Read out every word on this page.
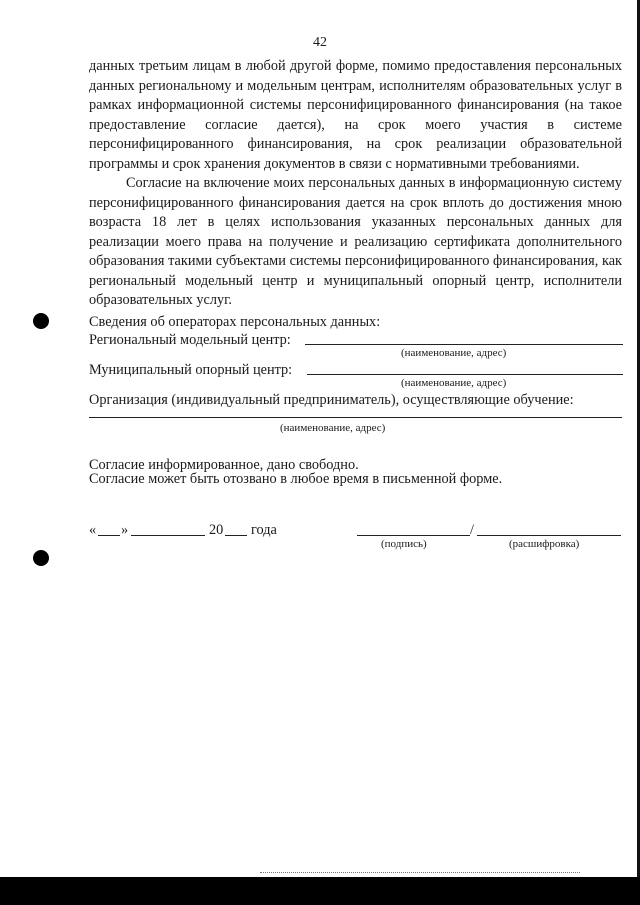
42

данных третьим лицам в любой другой форме, помимо предоставления персональных данных региональному и модельным центрам, исполнителям образовательных услуг в рамках информационной системы персонифицированного финансирования (на такое предоставление согласие дается), на срок моего участия в системе персонифицированного финансирования, на срок реализации образовательной программы и срок хранения документов в связи с нормативными требованиями.

Согласие на включение моих персональных данных в информационную систему персонифицированного финансирования дается на срок вплоть до достижения мною возраста 18 лет в целях использования указанных персональных данных для реализации моего права на получение и реализацию сертификата дополнительного образования такими субъектами системы персонифицированного финансирования, как региональный модельный центр и муниципальный опорный центр, исполнители образовательных услуг.

Сведения об операторах персональных данных:
Региональный модельный центр:
(наименование, адрес)
Муниципальный опорный центр:
(наименование, адрес)
Организация (индивидуальный предприниматель), осуществляющие обучение:
(наименование, адрес)
Согласие информированное, дано свободно.
Согласие может быть отозвано в любое время в письменной форме.
« »	20 года	/
(подпись)	(расшифровка)
